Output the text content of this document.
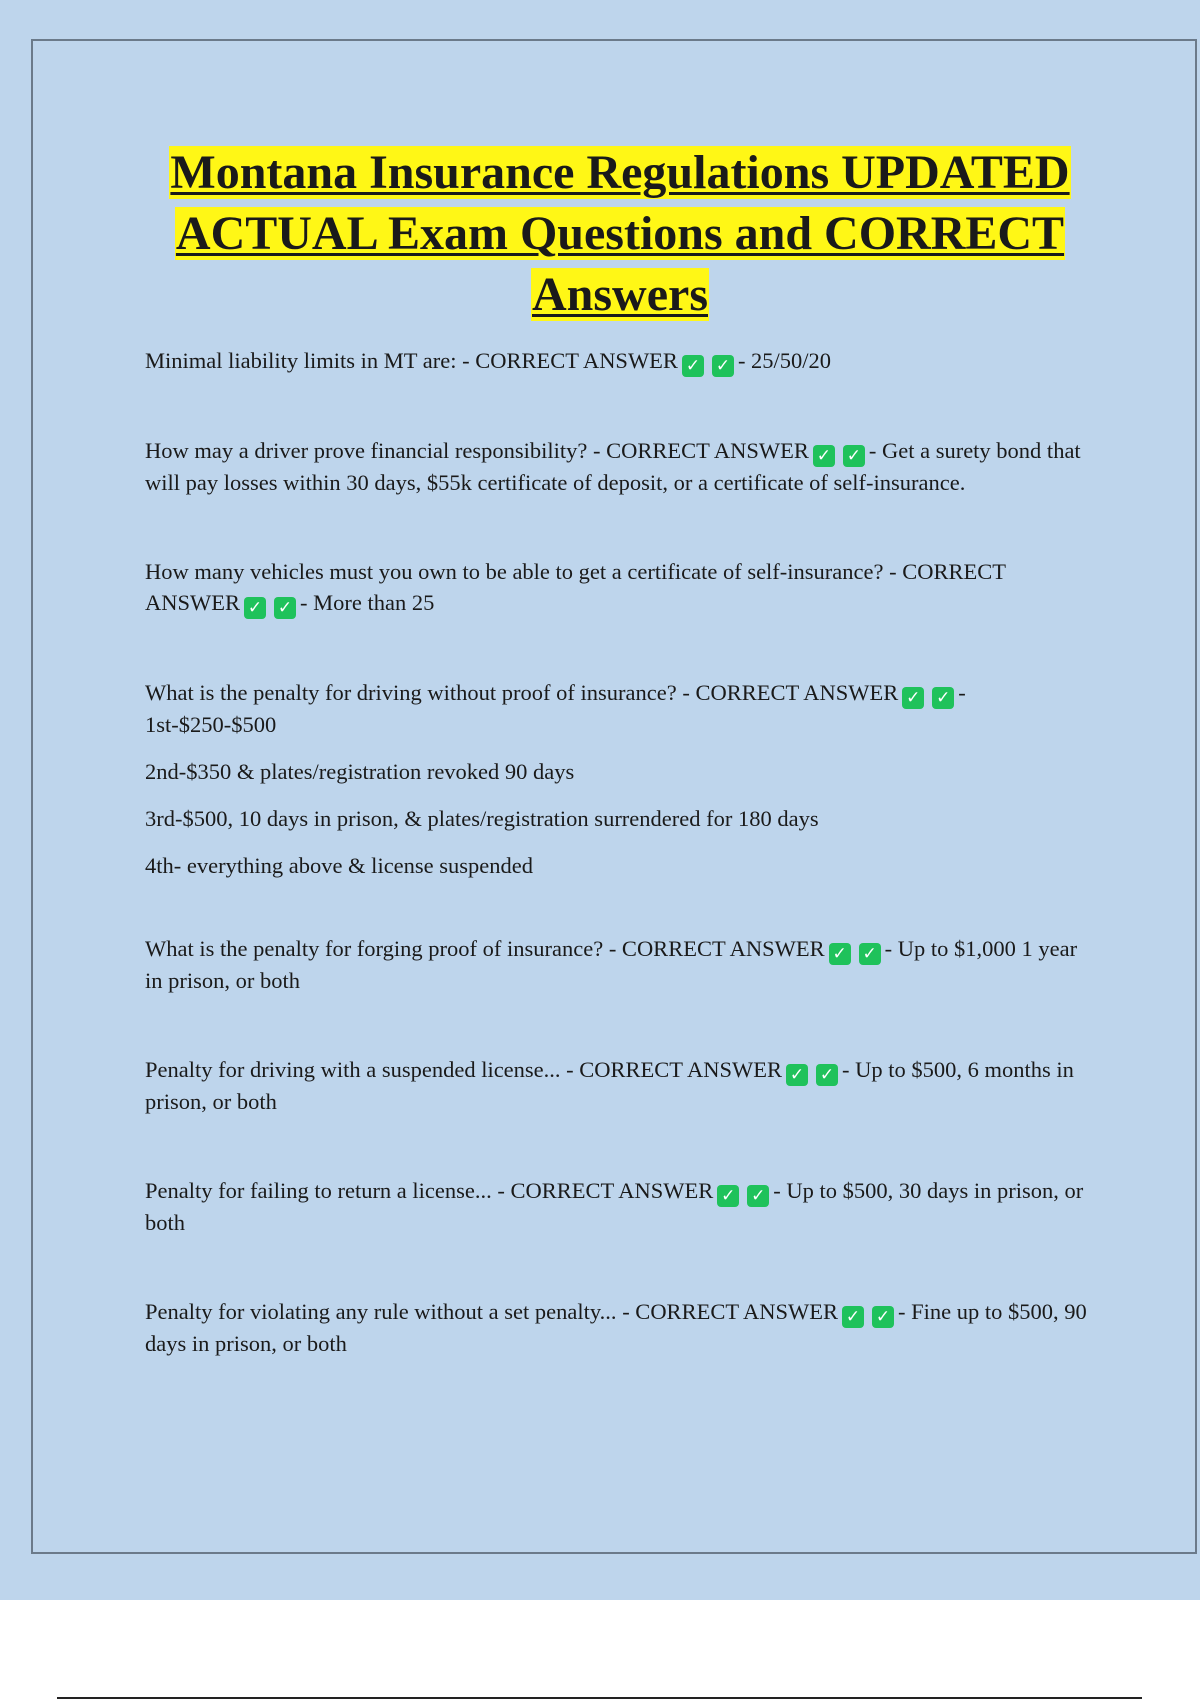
Montana Insurance Regulations UPDATED
ACTUAL Exam Questions and CORRECT
Answers

Minimal liability limits in MT are: - CORRECT ANSWER ✓ ✓ - 25/50/20

How may a driver prove financial responsibility? - CORRECT ANSWER ✓ ✓ - Get a surety bond that will pay losses within 30 days, $55k certificate of deposit, or a certificate of self-insurance.

How many vehicles must you own to be able to get a certificate of self-insurance? - CORRECT ANSWER ✓ ✓ - More than 25

What is the penalty for driving without proof of insurance? - CORRECT ANSWER ✓ ✓ - 1st-$250-$500

2nd-$350 & plates/registration revoked 90 days

3rd-$500, 10 days in prison, & plates/registration surrendered for 180 days

4th- everything above & license suspended

What is the penalty for forging proof of insurance? - CORRECT ANSWER ✓ ✓ - Up to $1,000 1 year in prison, or both

Penalty for driving with a suspended license... - CORRECT ANSWER ✓ ✓ - Up to $500, 6 months in prison, or both

Penalty for failing to return a license... - CORRECT ANSWER ✓ ✓ - Up to $500, 30 days in prison, or both

Penalty for violating any rule without a set penalty... - CORRECT ANSWER ✓ ✓ - Fine up to $500, 90 days in prison, or both
